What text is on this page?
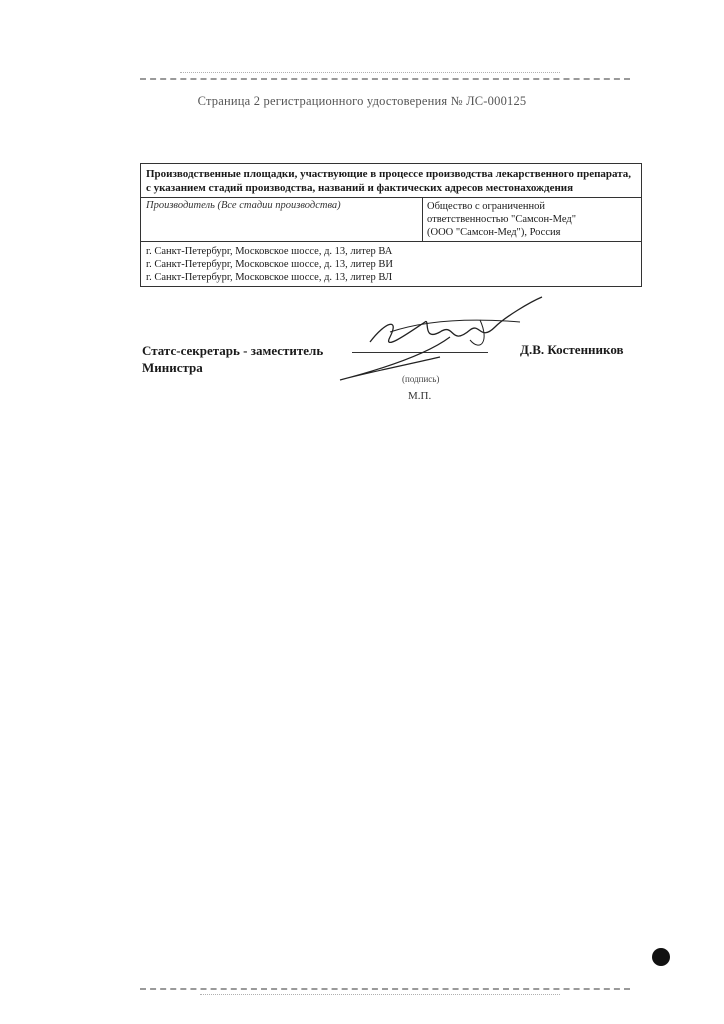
Страница 2 регистрационного удостоверения № ЛС-000125
Производственные площадки, участвующие в процессе производства лекарственного препарата, с указанием стадий производства, названий и фактических адресов местонахождения
Производитель (Все стадии производства)	Общество с ограниченной
ответственностью "Самсон-Мед"
(ООО "Самсон-Мед"), Россия
г. Санкт-Петербург, Московское шоссе, д. 13, литер ВА
г. Санкт-Петербург, Московское шоссе, д. 13, литер ВИ
г. Санкт-Петербург, Московское шоссе, д. 13, литер ВЛ
Статс-секретарь - заместитель
Министра
Д.В. Костенников
(подпись)
М.П.
